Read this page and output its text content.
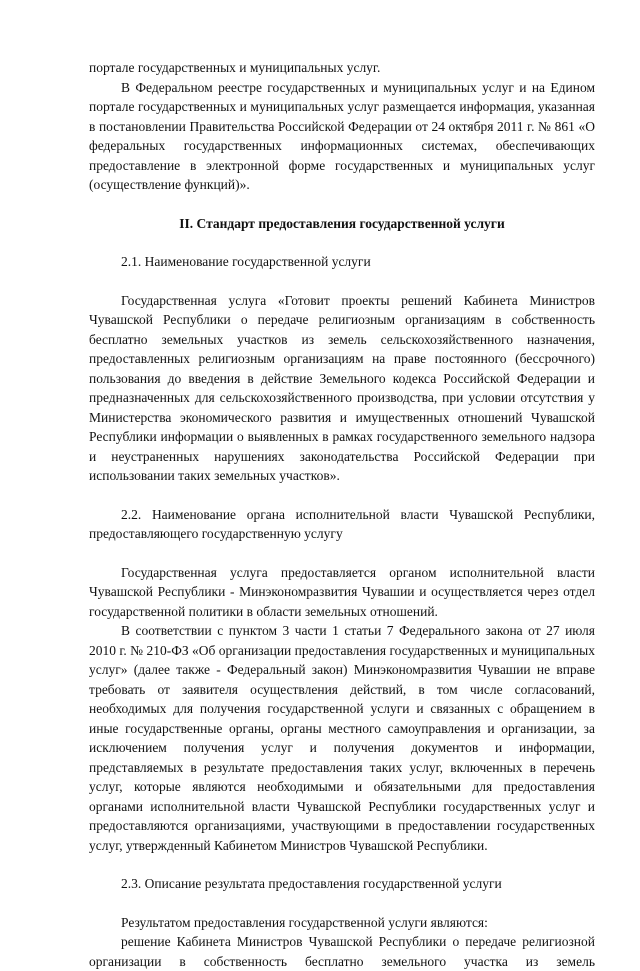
порталe государственных и муниципальных услуг.

В Федеральном реестре государственных и муниципальных услуг и на Едином портале государственных и муниципальных услуг размещается информация, указанная в постановлении Правительства Российской Федерации от 24 октября 2011 г. № 861 «О федеральных государственных информационных системах, обеспечивающих предоставление в электронной форме государственных и муниципальных услуг (осуществление функций)».

II. Стандарт предоставления государственной услуги

2.1. Наименование государственной услуги

Государственная услуга «Готовит проекты решений Кабинета Министров Чувашской Республики о передаче религиозным организациям в собственность бесплатно земельных участков из земель сельскохозяйственного назначения, предоставленных религиозным организациям на праве постоянного (бессрочного) пользования до введения в действие Земельного кодекса Российской Федерации и предназначенных для сельскохозяйственного производства, при условии отсутствия у Министерства экономического развития и имущественных отношений Чувашской Республики информации о выявленных в рамках государственного земельного надзора и неустраненных нарушениях законодательства Российской Федерации при использовании таких земельных участков».

2.2. Наименование органа исполнительной власти Чувашской Республики, предоставляющего государственную услугу

Государственная услуга предоставляется органом исполнительной власти Чувашской Республики - Минэкономразвития Чувашии и осуществляется через отдел государственной политики в области земельных отношений.

В соответствии с пунктом 3 части 1 статьи 7 Федерального закона от 27 июля 2010 г. № 210-ФЗ «Об организации предоставления государственных и муниципальных услуг» (далее также - Федеральный закон) Минэкономразвития Чувашии не вправе требовать от заявителя осуществления действий, в том числе согласований, необходимых для получения государственной услуги и связанных с обращением в иные государственные органы, органы местного самоуправления и организации, за исключением получения услуг и получения документов и информации, представляемых в результате предоставления таких услуг, включенных в перечень услуг, которые являются необходимыми и обязательными для предоставления органами исполнительной власти Чувашской Республики государственных услуг и предоставляются организациями, участвующими в предоставлении государственных услуг, утвержденный Кабинетом Министров Чувашской Республики.

2.3. Описание результата предоставления государственной услуги

Результатом предоставления государственной услуги являются:

решение Кабинета Министров Чувашской Республики о передаче религиозной организации в собственность бесплатно земельного участка из земель
